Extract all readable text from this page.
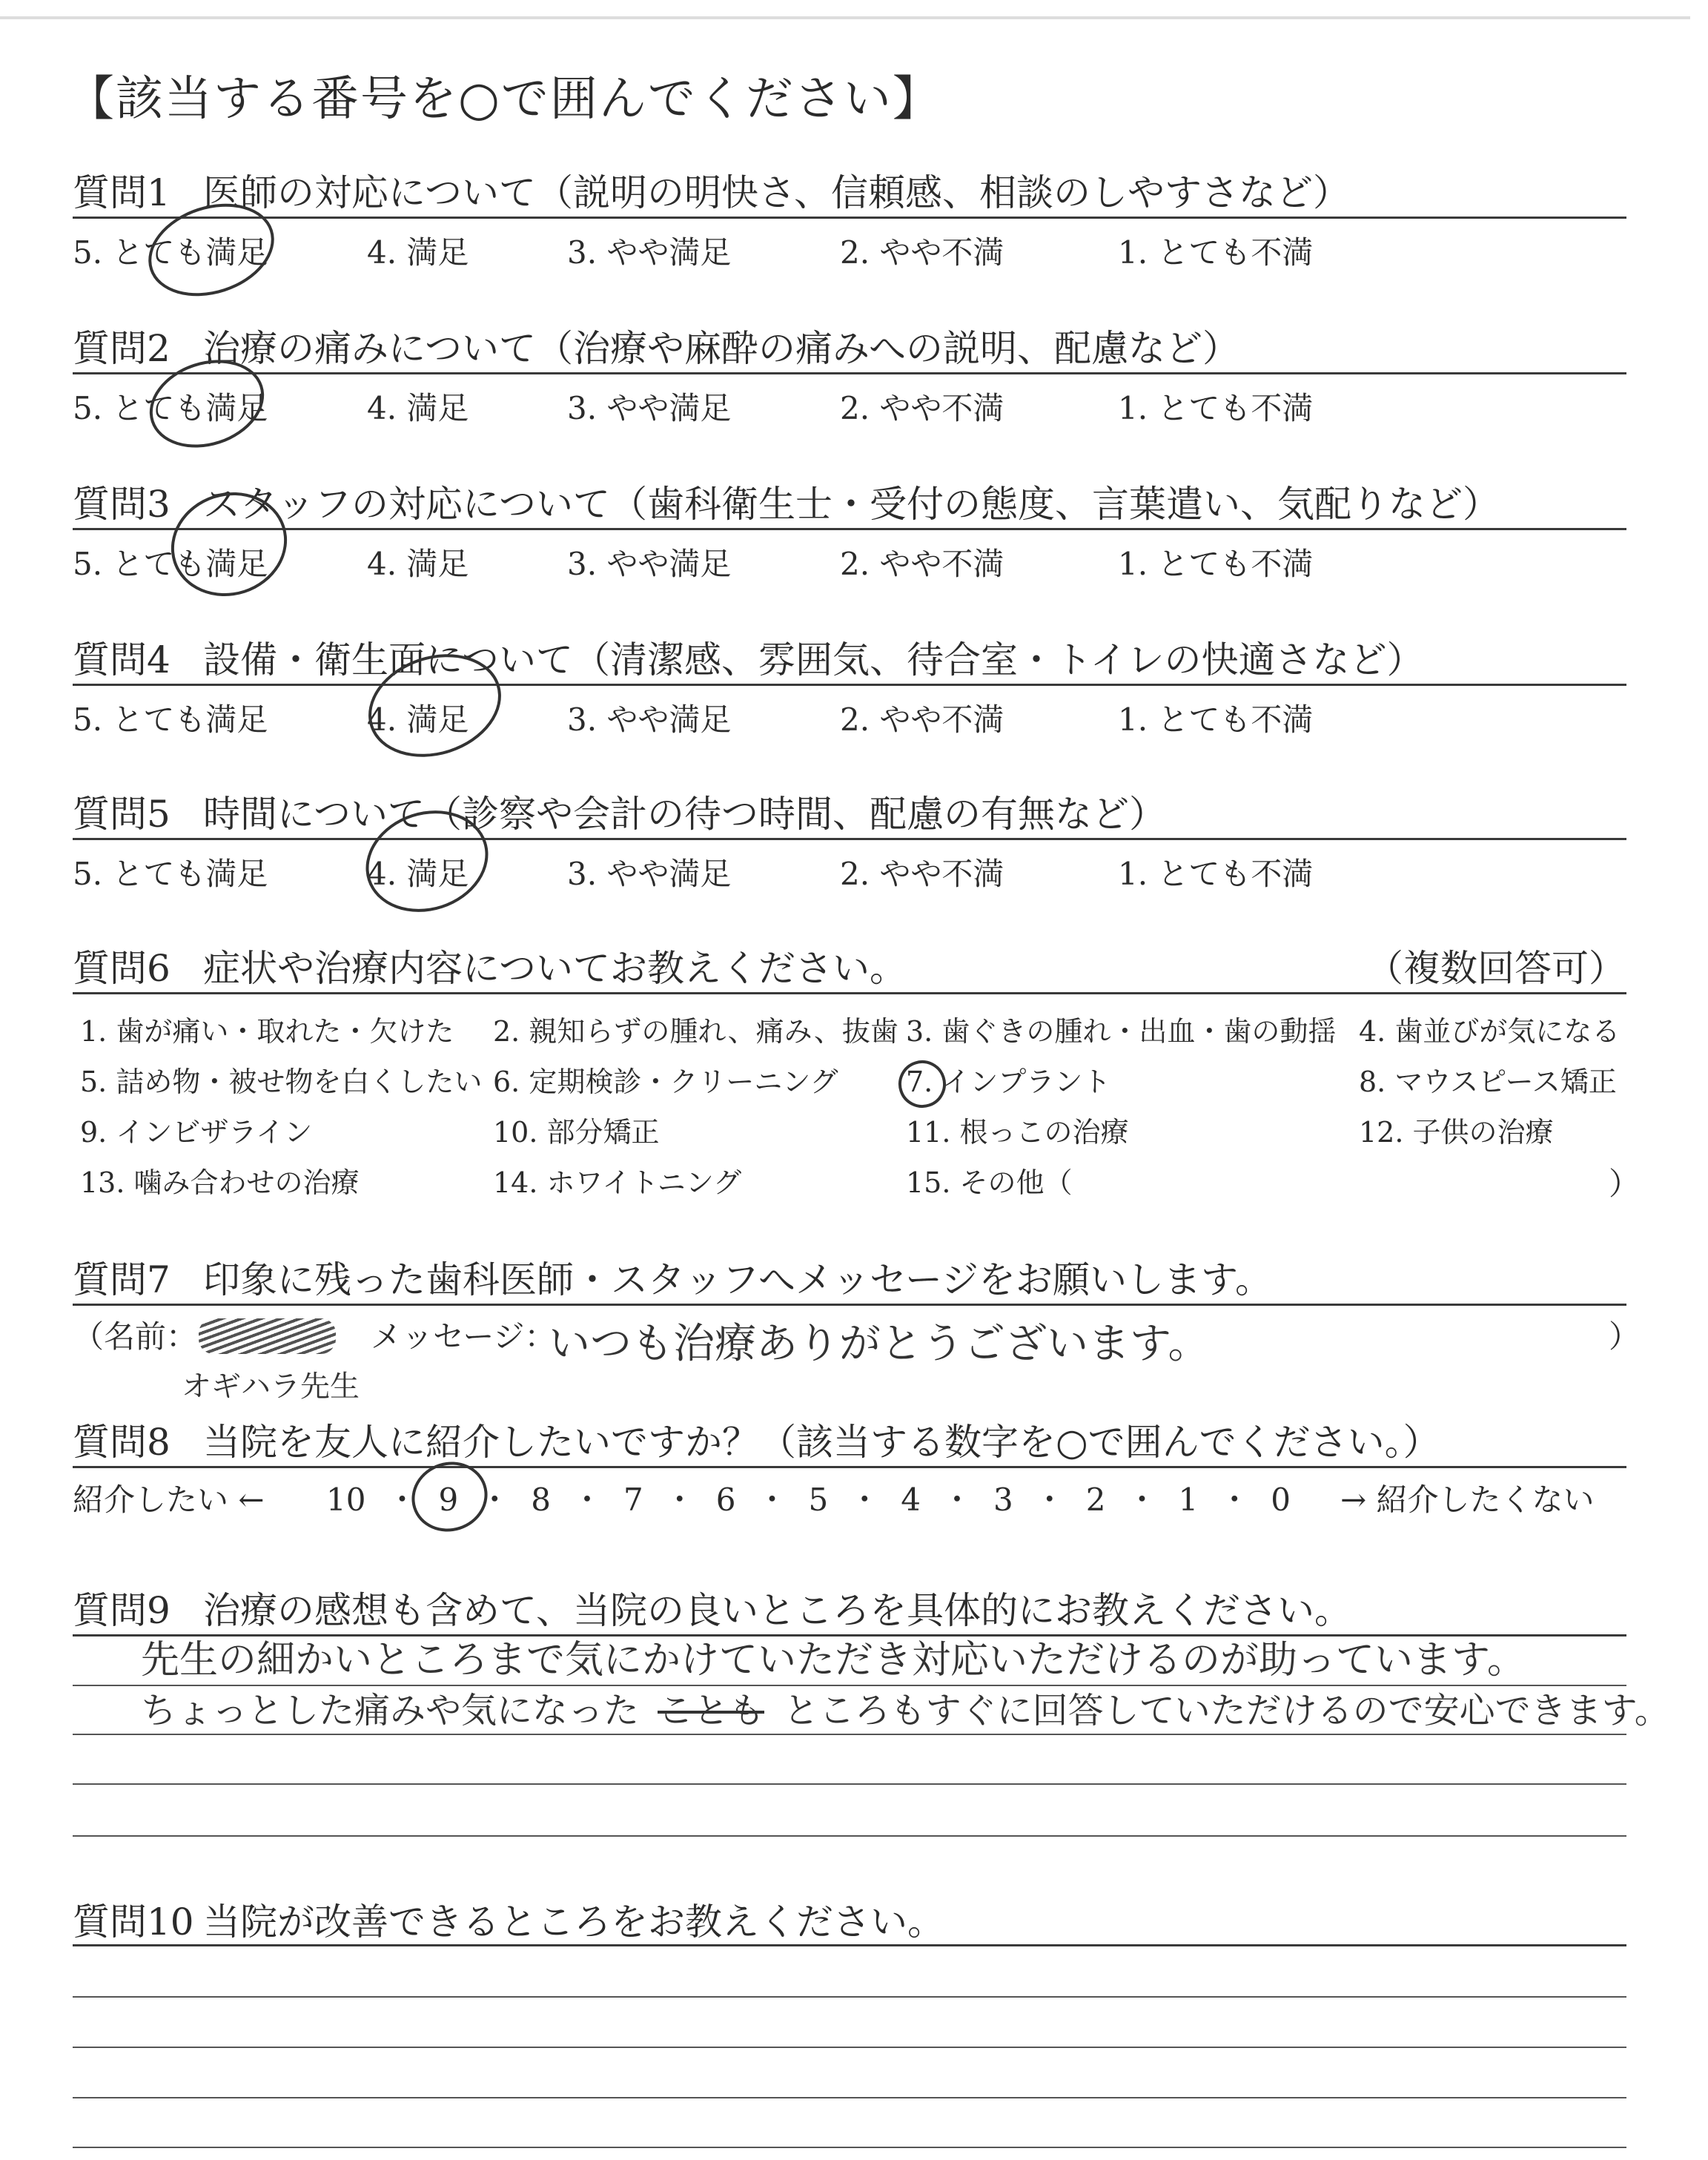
【該当する番号を○で囲んでください】
質問1 医師の対応について（説明の明快さ、信頼感、相談のしやすさなど）
5. とても満足	4. 満足	3. やや満足	2. やや不満	1. とても不満
質問2 治療の痛みについて（治療や麻酔の痛みへの説明、配慮など）
5. とても満足	4. 満足	3. やや満足	2. やや不満	1. とても不満
質問3 スタッフの対応について（歯科衛生士・受付の態度、言葉遣い、気配りなど）
5. とても満足	4. 満足	3. やや満足	2. やや不満	1. とても不満
質問4 設備・衛生面について（清潔感、雰囲気、待合室・トイレの快適さなど）
5. とても満足	4. 満足	3. やや満足	2. やや不満	1. とても不満
質問5 時間について（診察や会計の待つ時間、配慮の有無など）
5. とても満足	4. 満足	3. やや満足	2. やや不満	1. とても不満
質問6 症状や治療内容についてお教えください。	（複数回答可）
1. 歯が痛い・取れた・欠けた 2. 親知らずの腫れ、痛み、抜歯 3. 歯ぐきの腫れ・出血・歯の動揺 4. 歯並びが気になる
5. 詰め物・被せ物を白くしたい 6. 定期検診・クリーニング 7. インプラント	8. マウスピース矯正
9. インビザライン	10. 部分矯正	11. 根っこの治療	12. 子供の治療
13. 噛み合わせの治療	14. ホワイトニング	15. その他（	）
質問7 印象に残った歯科医師・スタッフへメッセージをお願いします。
（名前：	メッセージ：
いつも治療ありがとうございます。	）
オギハラ先生
質問8 当院を友人に紹介したいですか？（該当する数字を○で囲んでください。）
紹介したい ← 10 ・ 9 ・ 8 ・ 7 ・ 6 ・ 5 ・ 4 ・ 3 ・ 2 ・ 1 ・ 0 → 紹介したくない
質問9 治療の感想も含めて、当院の良いところを具体的にお教えください。
先生の細かいところまで気にかけていただき対応いただけるのが助っています。
ちょっとした痛みや気になった ことも ところもすぐに回答していただけるので安心できます。
質問10 当院が改善できるところをお教えください。
